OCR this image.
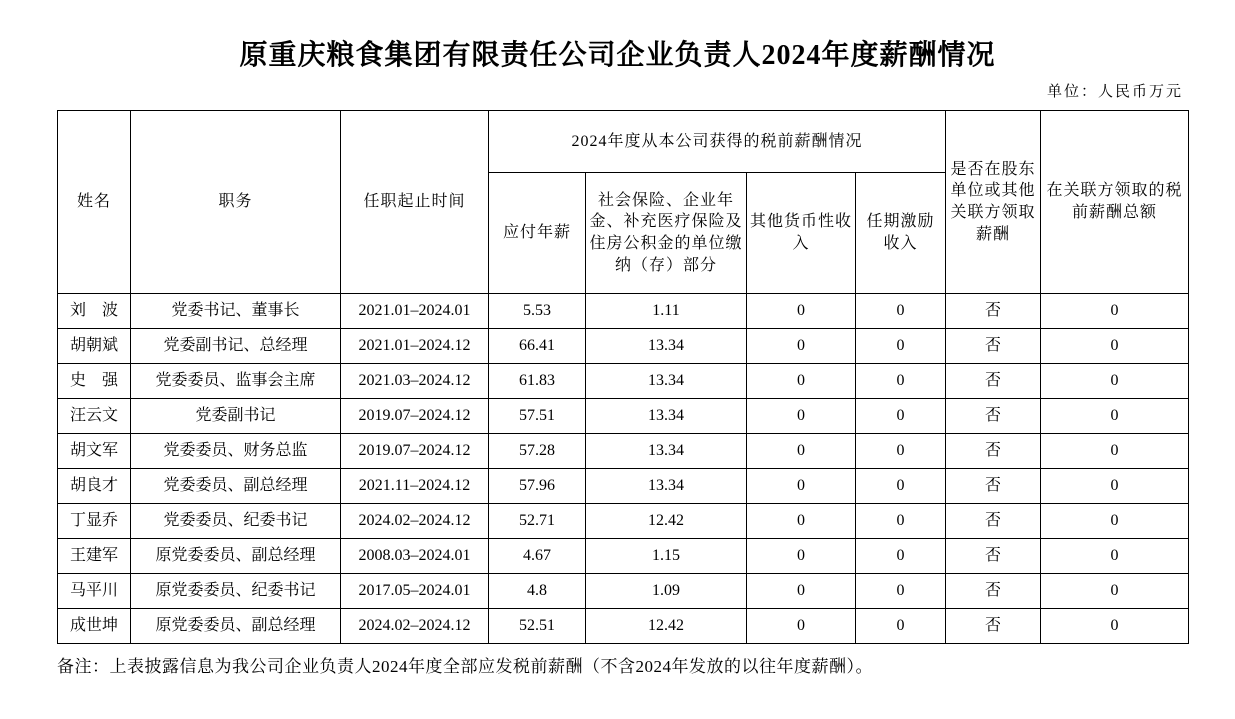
原重庆粮食集团有限责任公司企业负责人2024年度薪酬情况
单位：人民币万元
姓名	职务	任职起止时间	2024年度从本公司获得的税前薪酬情况				是否在股东单位或其他关联方领取薪酬	在关联方领取的税前薪酬总额
			应付年薪	社会保险、企业年金、补充医疗保险及住房公积金的单位缴纳（存）部分	其他货币性收入	任期激励收入		
刘　波	党委书记、董事长	2021.01–2024.01	5.53	1.11	0	0	否	0
胡朝斌	党委副书记、总经理	2021.01–2024.12	66.41	13.34	0	0	否	0
史　强	党委委员、监事会主席	2021.03–2024.12	61.83	13.34	0	0	否	0
汪云文	党委副书记	2019.07–2024.12	57.51	13.34	0	0	否	0
胡文军	党委委员、财务总监	2019.07–2024.12	57.28	13.34	0	0	否	0
胡良才	党委委员、副总经理	2021.11–2024.12	57.96	13.34	0	0	否	0
丁显乔	党委委员、纪委书记	2024.02–2024.12	52.71	12.42	0	0	否	0
王建军	原党委委员、副总经理	2008.03–2024.01	4.67	1.15	0	0	否	0
马平川	原党委委员、纪委书记	2017.05–2024.01	4.8	1.09	0	0	否	0
成世坤	原党委委员、副总经理	2024.02–2024.12	52.51	12.42	0	0	否	0
备注：上表披露信息为我公司企业负责人2024年度全部应发税前薪酬（不含2024年发放的以往年度薪酬）。
